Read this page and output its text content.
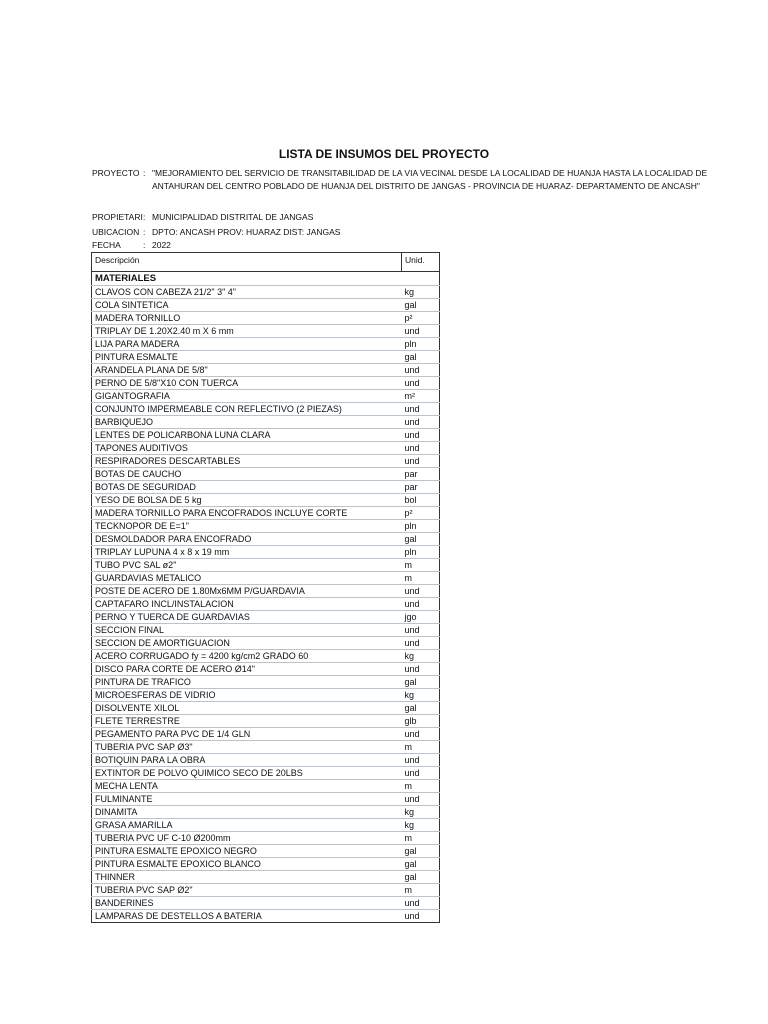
LISTA DE INSUMOS DEL PROYECTO
PROYECTO : "MEJORAMIENTO DEL SERVICIO DE TRANSITABILIDAD DE LA VIA VECINAL DESDE LA LOCALIDAD DE HUANJA HASTA LA LOCALIDAD DE
ANTAHURAN DEL CENTRO POBLADO DE HUANJA DEL DISTRITO DE JANGAS - PROVINCIA DE HUARAZ- DEPARTAMENTO DE ANCASH"
PROPIETARI : MUNICIPALIDAD DISTRITAL DE JANGAS
UBICACION : DPTO: ANCASH PROV: HUARAZ DIST: JANGAS
FECHA	: 2022
Descripción	Unid.
MATERIALES	
CLAVOS CON CABEZA 21/2" 3" 4"	kg
COLA SINTETICA	gal
MADERA TORNILLO	p²
TRIPLAY DE 1.20X2.40 m X 6 mm	und
LIJA PARA MADERA	pln
PINTURA ESMALTE	gal
ARANDELA PLANA DE 5/8"	und
PERNO DE 5/8"X10 CON TUERCA	und
GIGANTOGRAFIA	m²
CONJUNTO IMPERMEABLE CON REFLECTIVO (2 PIEZAS)	und
BARBIQUEJO	und
LENTES DE POLICARBONA LUNA CLARA	und
TAPONES AUDITIVOS	und
RESPIRADORES DESCARTABLES	und
BOTAS DE CAUCHO	par
BOTAS DE SEGURIDAD	par
YESO DE BOLSA DE 5 kg	bol
MADERA TORNILLO PARA ENCOFRADOS INCLUYE CORTE	p²
TECKNOPOR DE E=1"	pln
DESMOLDADOR PARA ENCOFRADO	gal
TRIPLAY LUPUNA 4 x 8 x 19 mm	pln
TUBO PVC SAL ø2"	m
GUARDAVIAS METALICO	m
POSTE DE ACERO DE 1.80Mx6MM P/GUARDAVIA	und
CAPTAFARO INCL/INSTALACION	und
PERNO Y TUERCA DE GUARDAVIAS	jgo
SECCION FINAL	und
SECCION DE AMORTIGUACION	und
ACERO CORRUGADO fy = 4200 kg/cm2 GRADO 60	kg
DISCO PARA CORTE DE ACERO Ø14"	und
PINTURA DE TRAFICO	gal
MICROESFERAS DE VIDRIO	kg
DISOLVENTE XILOL	gal
FLETE TERRESTRE	glb
PEGAMENTO PARA PVC DE 1/4 GLN	und
TUBERIA PVC SAP Ø3"	m
BOTIQUIN PARA LA OBRA	und
EXTINTOR DE POLVO QUIMICO SECO DE 20LBS	und
MECHA LENTA	m
FULMINANTE	und
DINAMITA	kg
GRASA AMARILLA	kg
TUBERIA PVC UF C-10 Ø200mm	m
PINTURA ESMALTE EPOXICO NEGRO	gal
PINTURA ESMALTE EPOXICO BLANCO	gal
THINNER	gal
TUBERIA PVC SAP Ø2"	m
BANDERINES	und
LAMPARAS DE DESTELLOS A BATERIA	und
